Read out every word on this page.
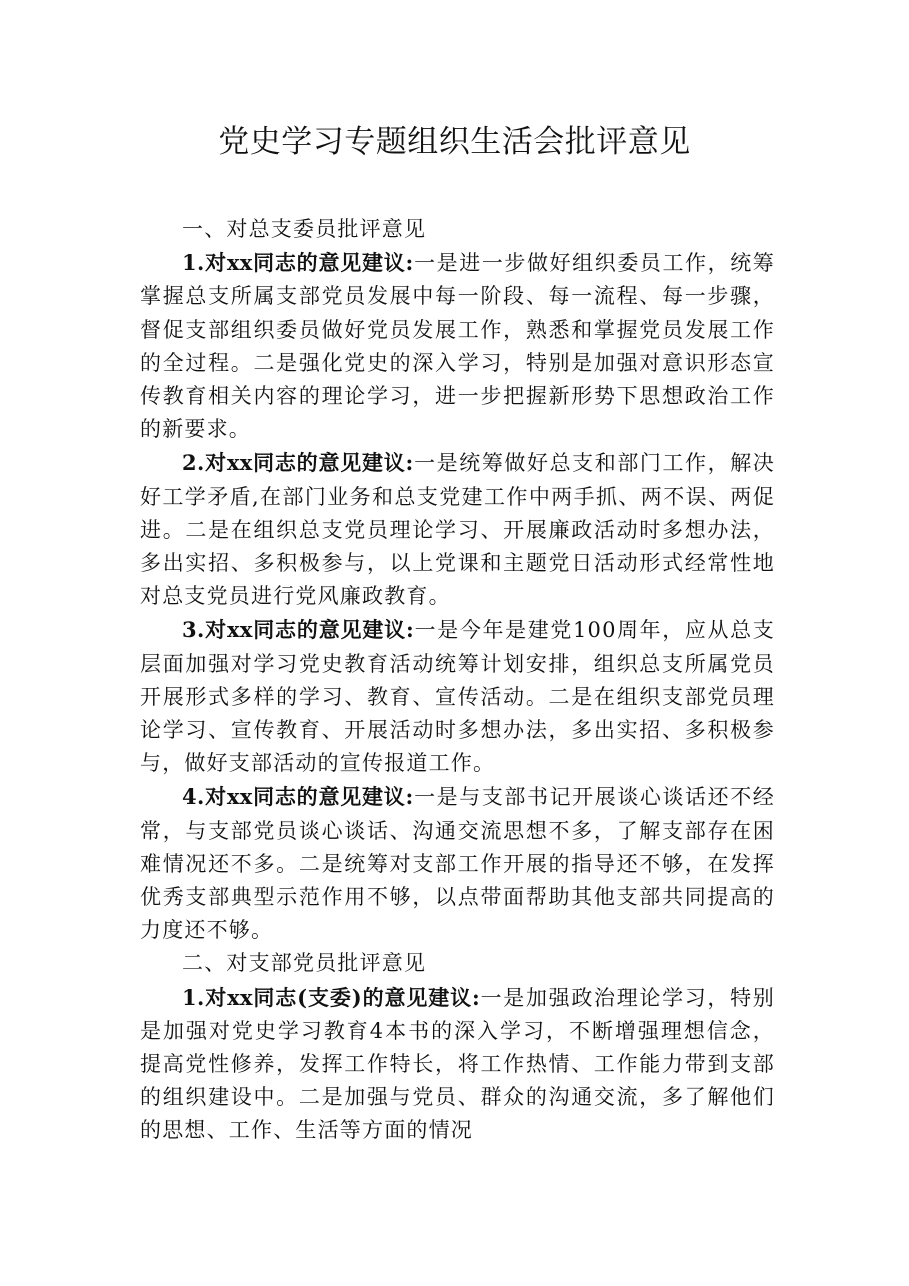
党史学习专题组织生活会批评意见

一、对总支委员批评意见

1.对xx同志的意见建议:一是进一步做好组织委员工作，统筹掌握总支所属支部党员发展中每一阶段、每一流程、每一步骤，督促支部组织委员做好党员发展工作，熟悉和掌握党员发展工作的全过程。二是强化党史的深入学习，特别是加强对意识形态宣传教育相关内容的理论学习，进一步把握新形势下思想政治工作的新要求。

2.对xx同志的意见建议:一是统筹做好总支和部门工作，解决好工学矛盾,在部门业务和总支党建工作中两手抓、两不误、两促进。二是在组织总支党员理论学习、开展廉政活动时多想办法，多出实招、多积极参与，以上党课和主题党日活动形式经常性地对总支党员进行党风廉政教育。

3.对xx同志的意见建议:一是今年是建党100周年，应从总支层面加强对学习党史教育活动统筹计划安排，组织总支所属党员开展形式多样的学习、教育、宣传活动。二是在组织支部党员理论学习、宣传教育、开展活动时多想办法，多出实招、多积极参与，做好支部活动的宣传报道工作。

4.对xx同志的意见建议:一是与支部书记开展谈心谈话还不经常，与支部党员谈心谈话、沟通交流思想不多，了解支部存在困难情况还不多。二是统筹对支部工作开展的指导还不够，在发挥优秀支部典型示范作用不够，以点带面帮助其他支部共同提高的力度还不够。

二、对支部党员批评意见

1.对xx同志(支委)的意见建议:一是加强政治理论学习，特别是加强对党史学习教育4本书的深入学习，不断增强理想信念，提高党性修养，发挥工作特长，将工作热情、工作能力带到支部的组织建设中。二是加强与党员、群众的沟通交流，多了解他们的思想、工作、生活等方面的情况
